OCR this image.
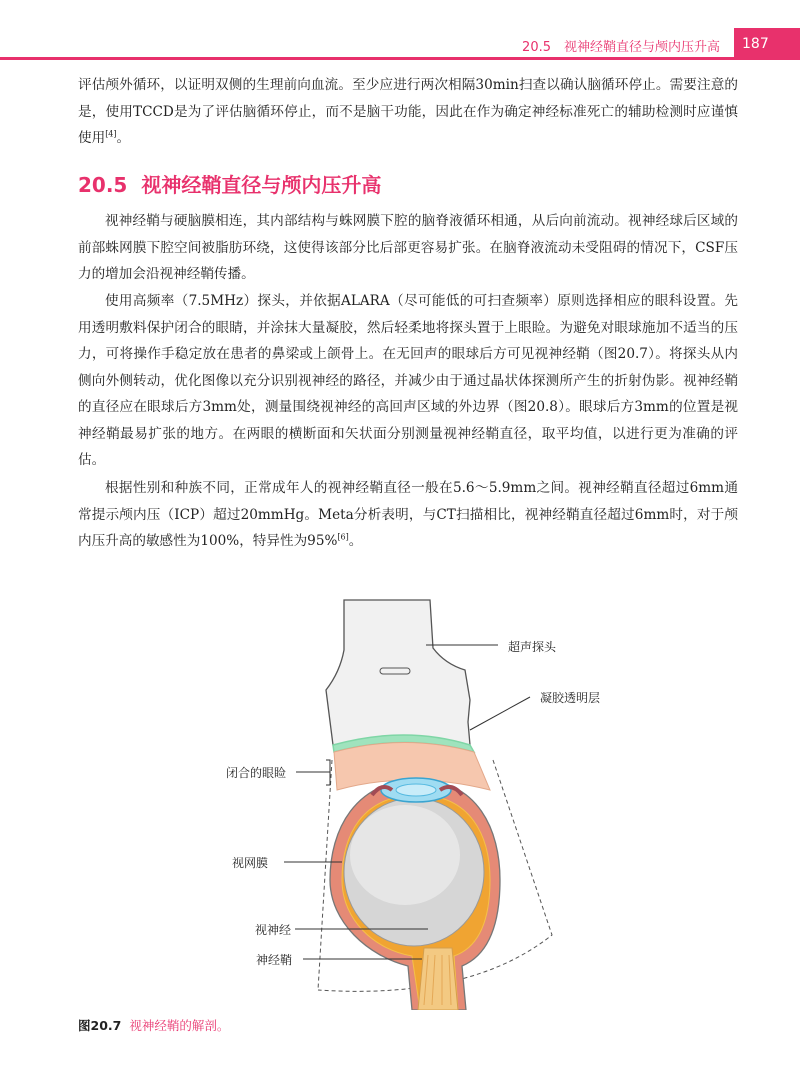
20.5　视神经鞘直径与颅内压升高	187

评估颅外循环，以证明双侧的生理前向血流。至少应进行两次相隔30min扫查以确认脑循环停止。需要注意的是，使用TCCD是为了评估脑循环停止，而不是脑干功能，因此在作为确定神经标准死亡的辅助检测时应谨慎使用[4]。

20.5 视神经鞘直径与颅内压升高

视神经鞘与硬脑膜相连，其内部结构与蛛网膜下腔的脑脊液循环相通，从后向前流动。视神经球后区域的前部蛛网膜下腔空间被脂肪环绕，这使得该部分比后部更容易扩张。在脑脊液流动未受阻碍的情况下，CSF压力的增加会沿视神经鞘传播。

使用高频率（7.5MHz）探头，并依据ALARA（尽可能低的可扫查频率）原则选择相应的眼科设置。先用透明敷料保护闭合的眼睛，并涂抹大量凝胶，然后轻柔地将探头置于上眼睑。为避免对眼球施加不适当的压力，可将操作手稳定放在患者的鼻梁或上颌骨上。在无回声的眼球后方可见视神经鞘（图20.7）。将探头从内侧向外侧转动，优化图像以充分识别视神经的路径，并减少由于通过晶状体探测所产生的折射伪影。视神经鞘的直径应在眼球后方3mm处，测量围绕视神经的高回声区域的外边界（图20.8）。眼球后方3mm的位置是视神经鞘最易扩张的地方。在两眼的横断面和矢状面分别测量视神经鞘直径，取平均值，以进行更为准确的评估。

根据性别和种族不同，正常成年人的视神经鞘直径一般在5.6～5.9mm之间。视神经鞘直径超过6mm通常提示颅内压（ICP）超过20mmHg。Meta分析表明，与CT扫描相比，视神经鞘直径超过6mm时，对于颅内压升高的敏感性为100%，特异性为95%[6]。

超声探头
凝胶透明层
闭合的眼睑
视网膜
视神经
神经鞘
图20.7 视神经鞘的解剖。
